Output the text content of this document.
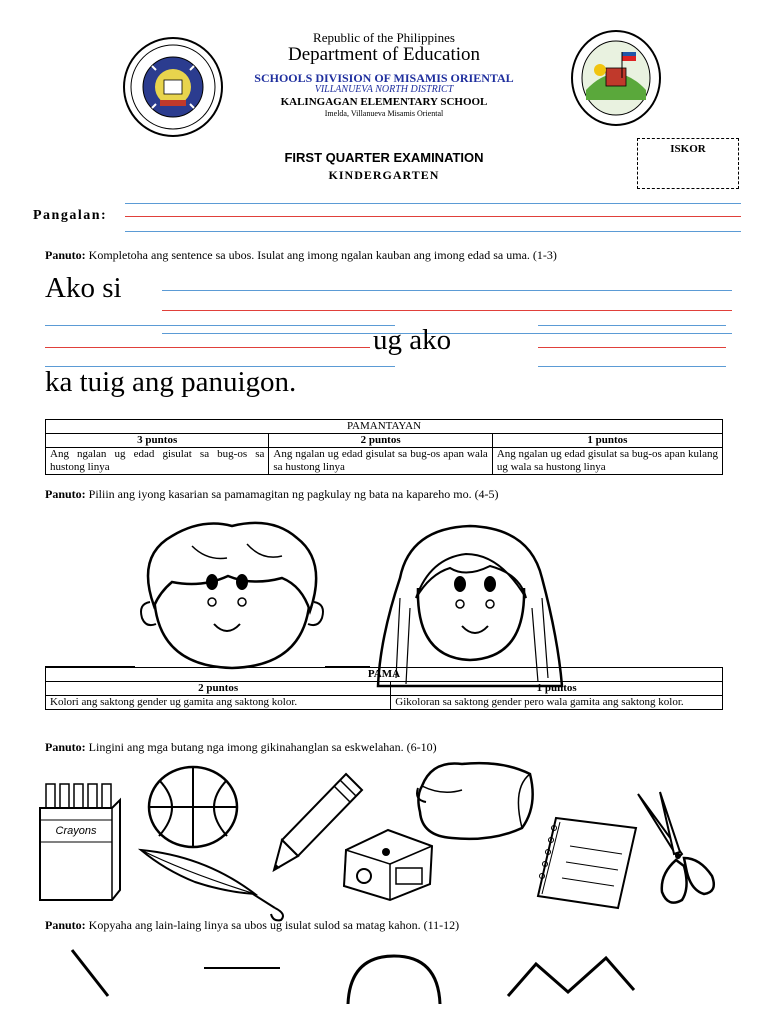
Republic of the Philippines
Department of Education
SCHOOLS DIVISION OF MISAMIS ORIENTAL
VILLANUEVA NORTH DISTRICT
KALINGAGAN ELEMENTARY SCHOOL
Imelda, Villanueva Misamis Oriental
FIRST QUARTER EXAMINATION
KINDERGARTEN
ISKOR
Pangalan:
Panuto: Kompletoha ang sentence sa ubos. Isulat ang imong ngalan kauban ang imong edad sa uma. (1-3)
Ako si
ug ako
ka tuig ang panuigon.
PAMANTAYAN		
3 puntos	2 puntos	1 puntos
Ang ngalan ug edad gisulat sa bug-os sa hustong linya	Ang ngalan ug edad gisulat sa bug-os apan wala sa hustong linya	Ang ngalan ug edad gisulat sa bug-os apan kulang ug wala sa hustong linya
Panuto: Piliin ang iyong kasarian sa pamamagitan ng pagkulay ng bata na kapareho mo. (4-5)
PAMA	
2 puntos	1 puntos
Kolori ang saktong gender ug gamita ang saktong kolor.	Gikoloran sa saktong gender pero wala gamita ang saktong kolor.
Panuto: Lingini ang mga butang nga imong gikinahanglan sa eskwelahan. (6-10)
Crayons
Panuto: Kopyaha ang lain-laing linya sa ubos ug isulat sulod sa matag kahon. (11-12)
